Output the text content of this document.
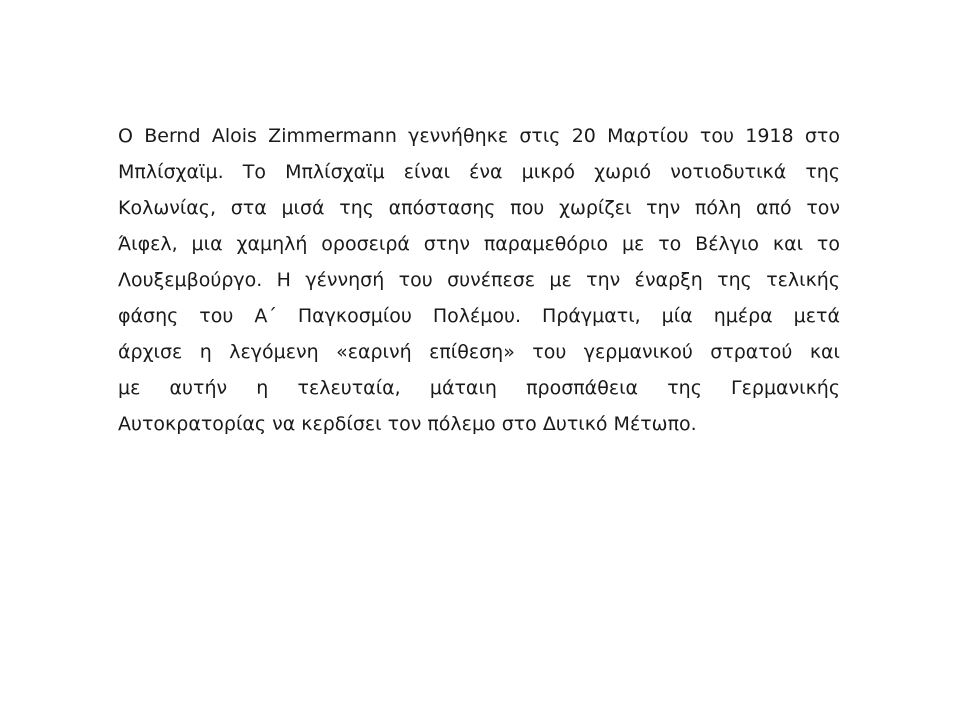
Ο Bernd Alois Zimmermann γεννήθηκε στις 20 Μαρτίου του 1918 στο
Μπλίσχαϊμ. Το Μπλίσχαϊμ είναι ένα μικρό χωριό νοτιοδυτικά της
Κολωνίας, στα μισά της απόστασης που χωρίζει την πόλη από τον
Άιφελ, μια χαμηλή οροσειρά στην παραμεθόριο με το Βέλγιο και το
Λουξεμβούργο. Η γέννησή του συνέπεσε με την έναρξη της τελικής
φάσης του Α΄ Παγκοσμίου Πολέμου. Πράγματι, μία ημέρα μετά
άρχισε η λεγόμενη «εαρινή επίθεση» του γερμανικού στρατού και
με αυτήν η τελευταία, μάταιη προσπάθεια της Γερμανικής
Αυτοκρατορίας να κερδίσει τον πόλεμο στο Δυτικό Μέτωπο.
